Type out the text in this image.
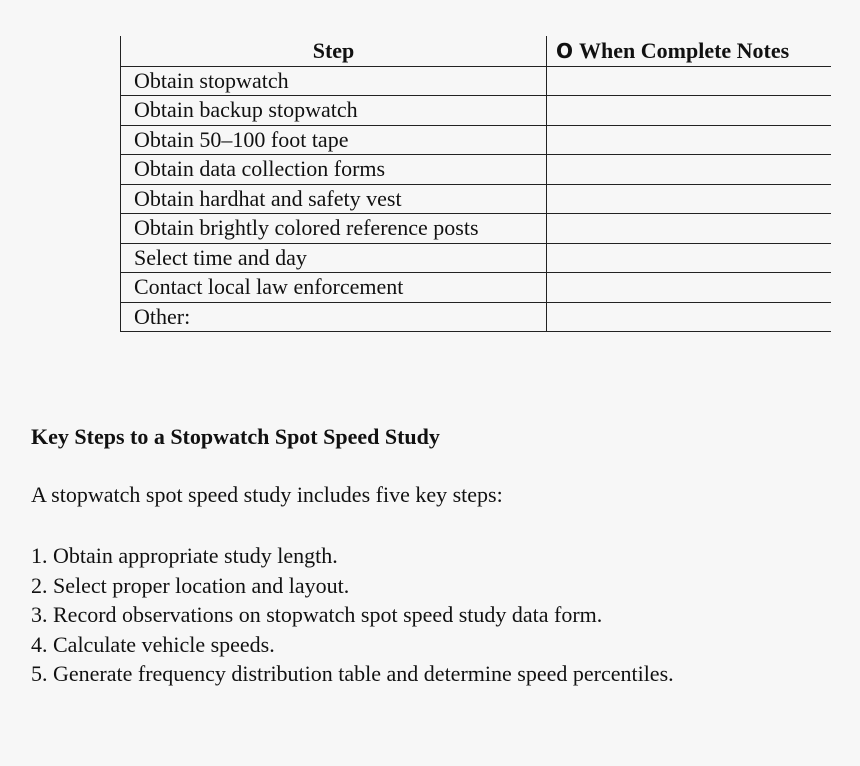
Step	O When Complete Notes
Obtain stopwatch	
Obtain backup stopwatch	
Obtain 50–100 foot tape	
Obtain data collection forms	
Obtain hardhat and safety vest	
Obtain brightly colored reference posts	
Select time and day	
Contact local law enforcement	
Other:	
Key Steps to a Stopwatch Spot Speed Study

A stopwatch spot speed study includes five key steps:

1. Obtain appropriate study length.
2. Select proper location and layout.
3. Record observations on stopwatch spot speed study data form.
4. Calculate vehicle speeds.
5. Generate frequency distribution table and determine speed percentiles.
